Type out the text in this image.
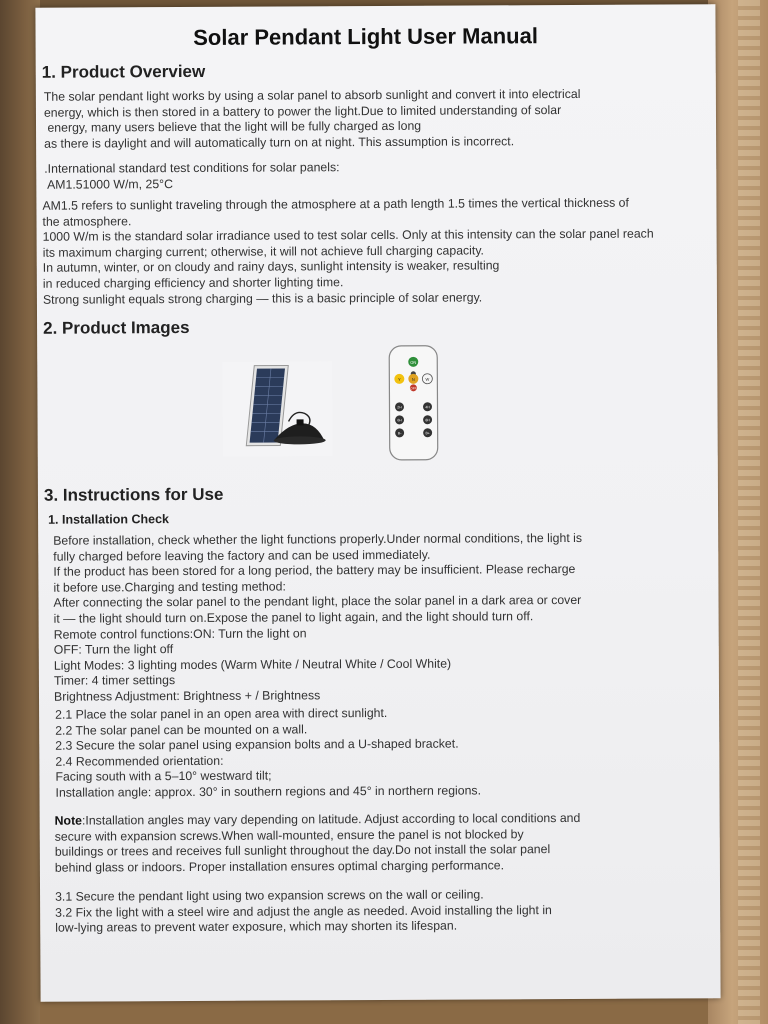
Solar Pendant Light User Manual
1. Product Overview
The solar pendant light works by using a solar panel to absorb sunlight and convert it into electrical
energy, which is then stored in a battery to power the light.Due to limited understanding of solar
energy, many users believe that the light will be fully charged as long
as there is daylight and will automatically turn on at night. This assumption is incorrect.
.International standard test conditions for solar panels:
AM1.51000 W/m, 25°C
AM1.5 refers to sunlight traveling through the atmosphere at a path length 1.5 times the vertical thickness of
the atmosphere.
1000 W/m is the standard solar irradiance used to test solar cells. Only at this intensity can the solar panel reach
its maximum charging current; otherwise, it will not achieve full charging capacity.
In autumn, winter, or on cloudy and rainy days, sunlight intensity is weaker, resulting
in reduced charging efficiency and shorter lighting time.
Strong sunlight equals strong charging — this is a basic principle of solar energy.
2. Product Images
ON
Y	N	W
OFF
2H	4H
6H	8H
B-	B+
3. Instructions for Use
1. Installation Check
Before installation, check whether the light functions properly.Under normal conditions, the light is
fully charged before leaving the factory and can be used immediately.
If the product has been stored for a long period, the battery may be insufficient. Please recharge
it before use.Charging and testing method:
After connecting the solar panel to the pendant light, place the solar panel in a dark area or cover
it — the light should turn on.Expose the panel to light again, and the light should turn off.
Remote control functions:ON: Turn the light on
OFF: Turn the light off
Light Modes: 3 lighting modes (Warm White / Neutral White / Cool White)
Timer: 4 timer settings
Brightness Adjustment: Brightness + / Brightness
2.1 Place the solar panel in an open area with direct sunlight.
2.2 The solar panel can be mounted on a wall.
2.3 Secure the solar panel using expansion bolts and a U-shaped bracket.
2.4 Recommended orientation:
Facing south with a 5–10° westward tilt;
Installation angle: approx. 30° in southern regions and 45° in northern regions.
Note:Installation angles may vary depending on latitude. Adjust according to local conditions and
secure with expansion screws.When wall-mounted, ensure the panel is not blocked by
buildings or trees and receives full sunlight throughout the day.Do not install the solar panel
behind glass or indoors. Proper installation ensures optimal charging performance.
3.1 Secure the pendant light using two expansion screws on the wall or ceiling.
3.2 Fix the light with a steel wire and adjust the angle as needed. Avoid installing the light in
low-lying areas to prevent water exposure, which may shorten its lifespan.
